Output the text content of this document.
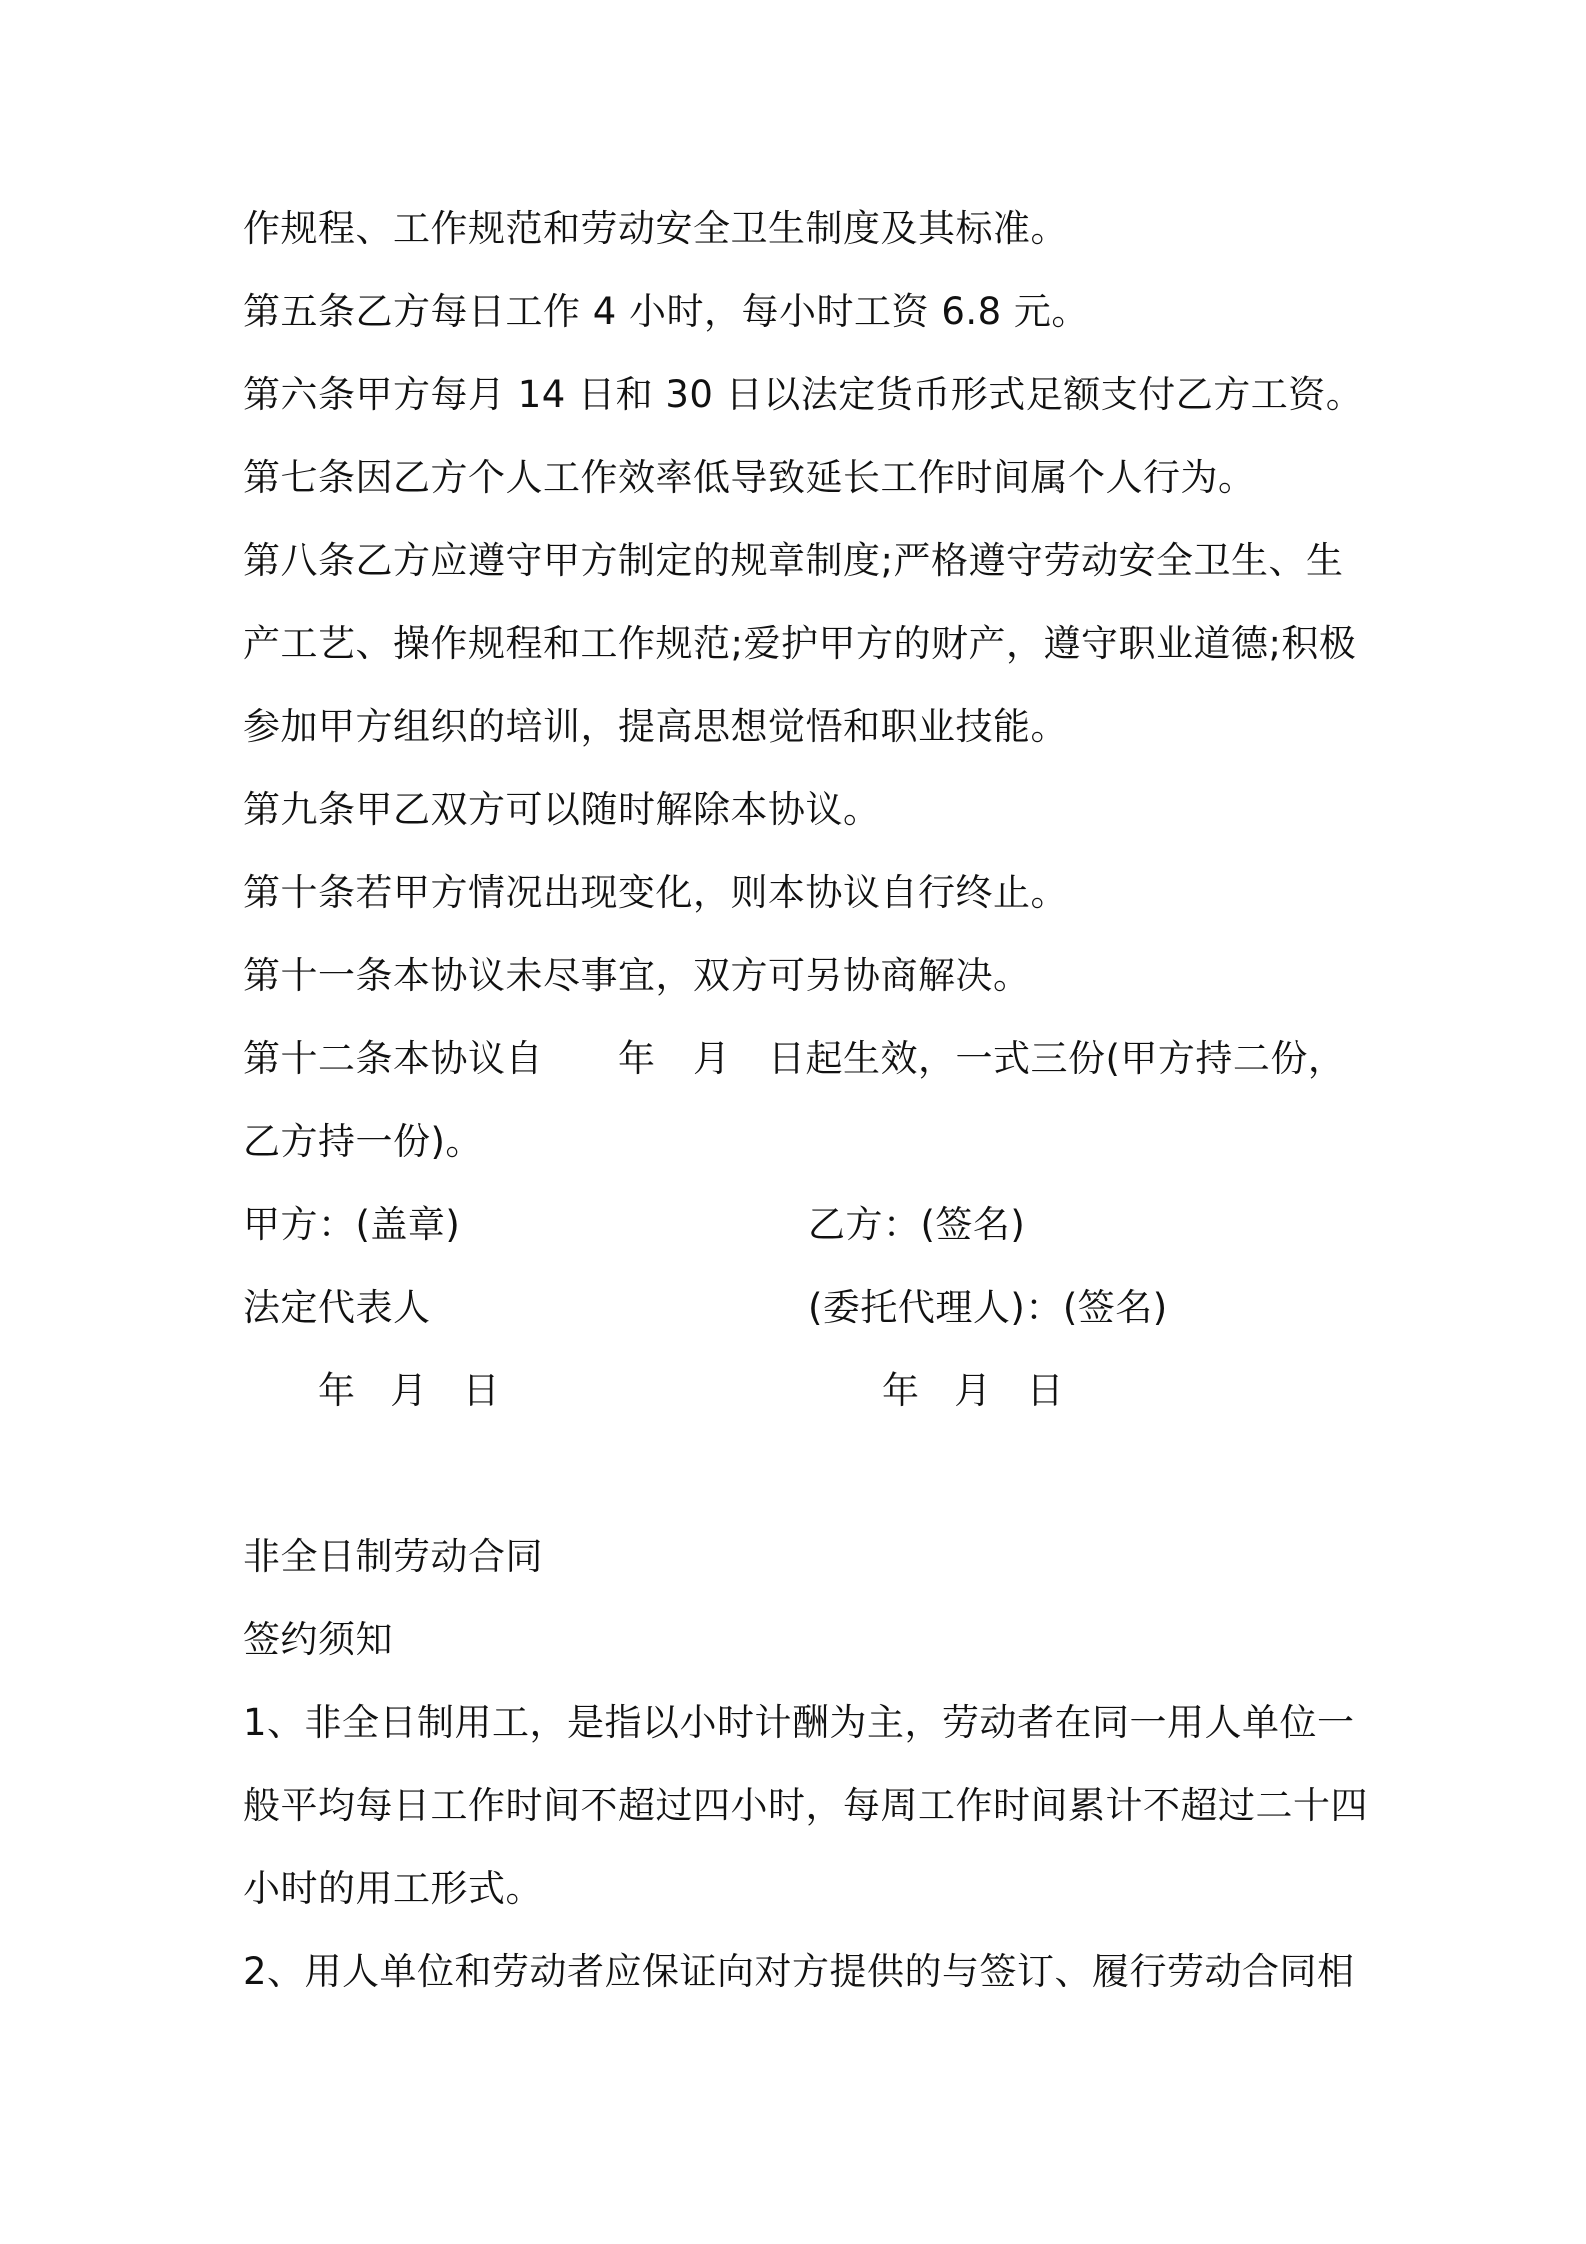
作规程、工作规范和劳动安全卫生制度及其标准。
第五条乙方每日工作 4 小时，每小时工资 6.8 元。
第六条甲方每月 14 日和 30 日以法定货币形式足额支付乙方工资。
第七条因乙方个人工作效率低导致延长工作时间属个人行为。
第八条乙方应遵守甲方制定的规章制度;严格遵守劳动安全卫生、生
产工艺、操作规程和工作规范;爱护甲方的财产，遵守职业道德;积极
参加甲方组织的培训，提高思想觉悟和职业技能。
第九条甲乙双方可以随时解除本协议。
第十条若甲方情况出现变化，则本协议自行终止。
第十一条本协议未尽事宜，双方可另协商解决。
第十二条本协议自　　年　月　日起生效，一式三份(甲方持二份，
乙方持一份)。
甲方：(盖章)	乙方：(签名)
法定代表人	(委托代理人)：(签名)
年   月   日	年   月   日
非全日制劳动合同
签约须知
1、非全日制用工，是指以小时计酬为主，劳动者在同一用人单位一
般平均每日工作时间不超过四小时，每周工作时间累计不超过二十四
小时的用工形式。
2、用人单位和劳动者应保证向对方提供的与签订、履行劳动合同相
